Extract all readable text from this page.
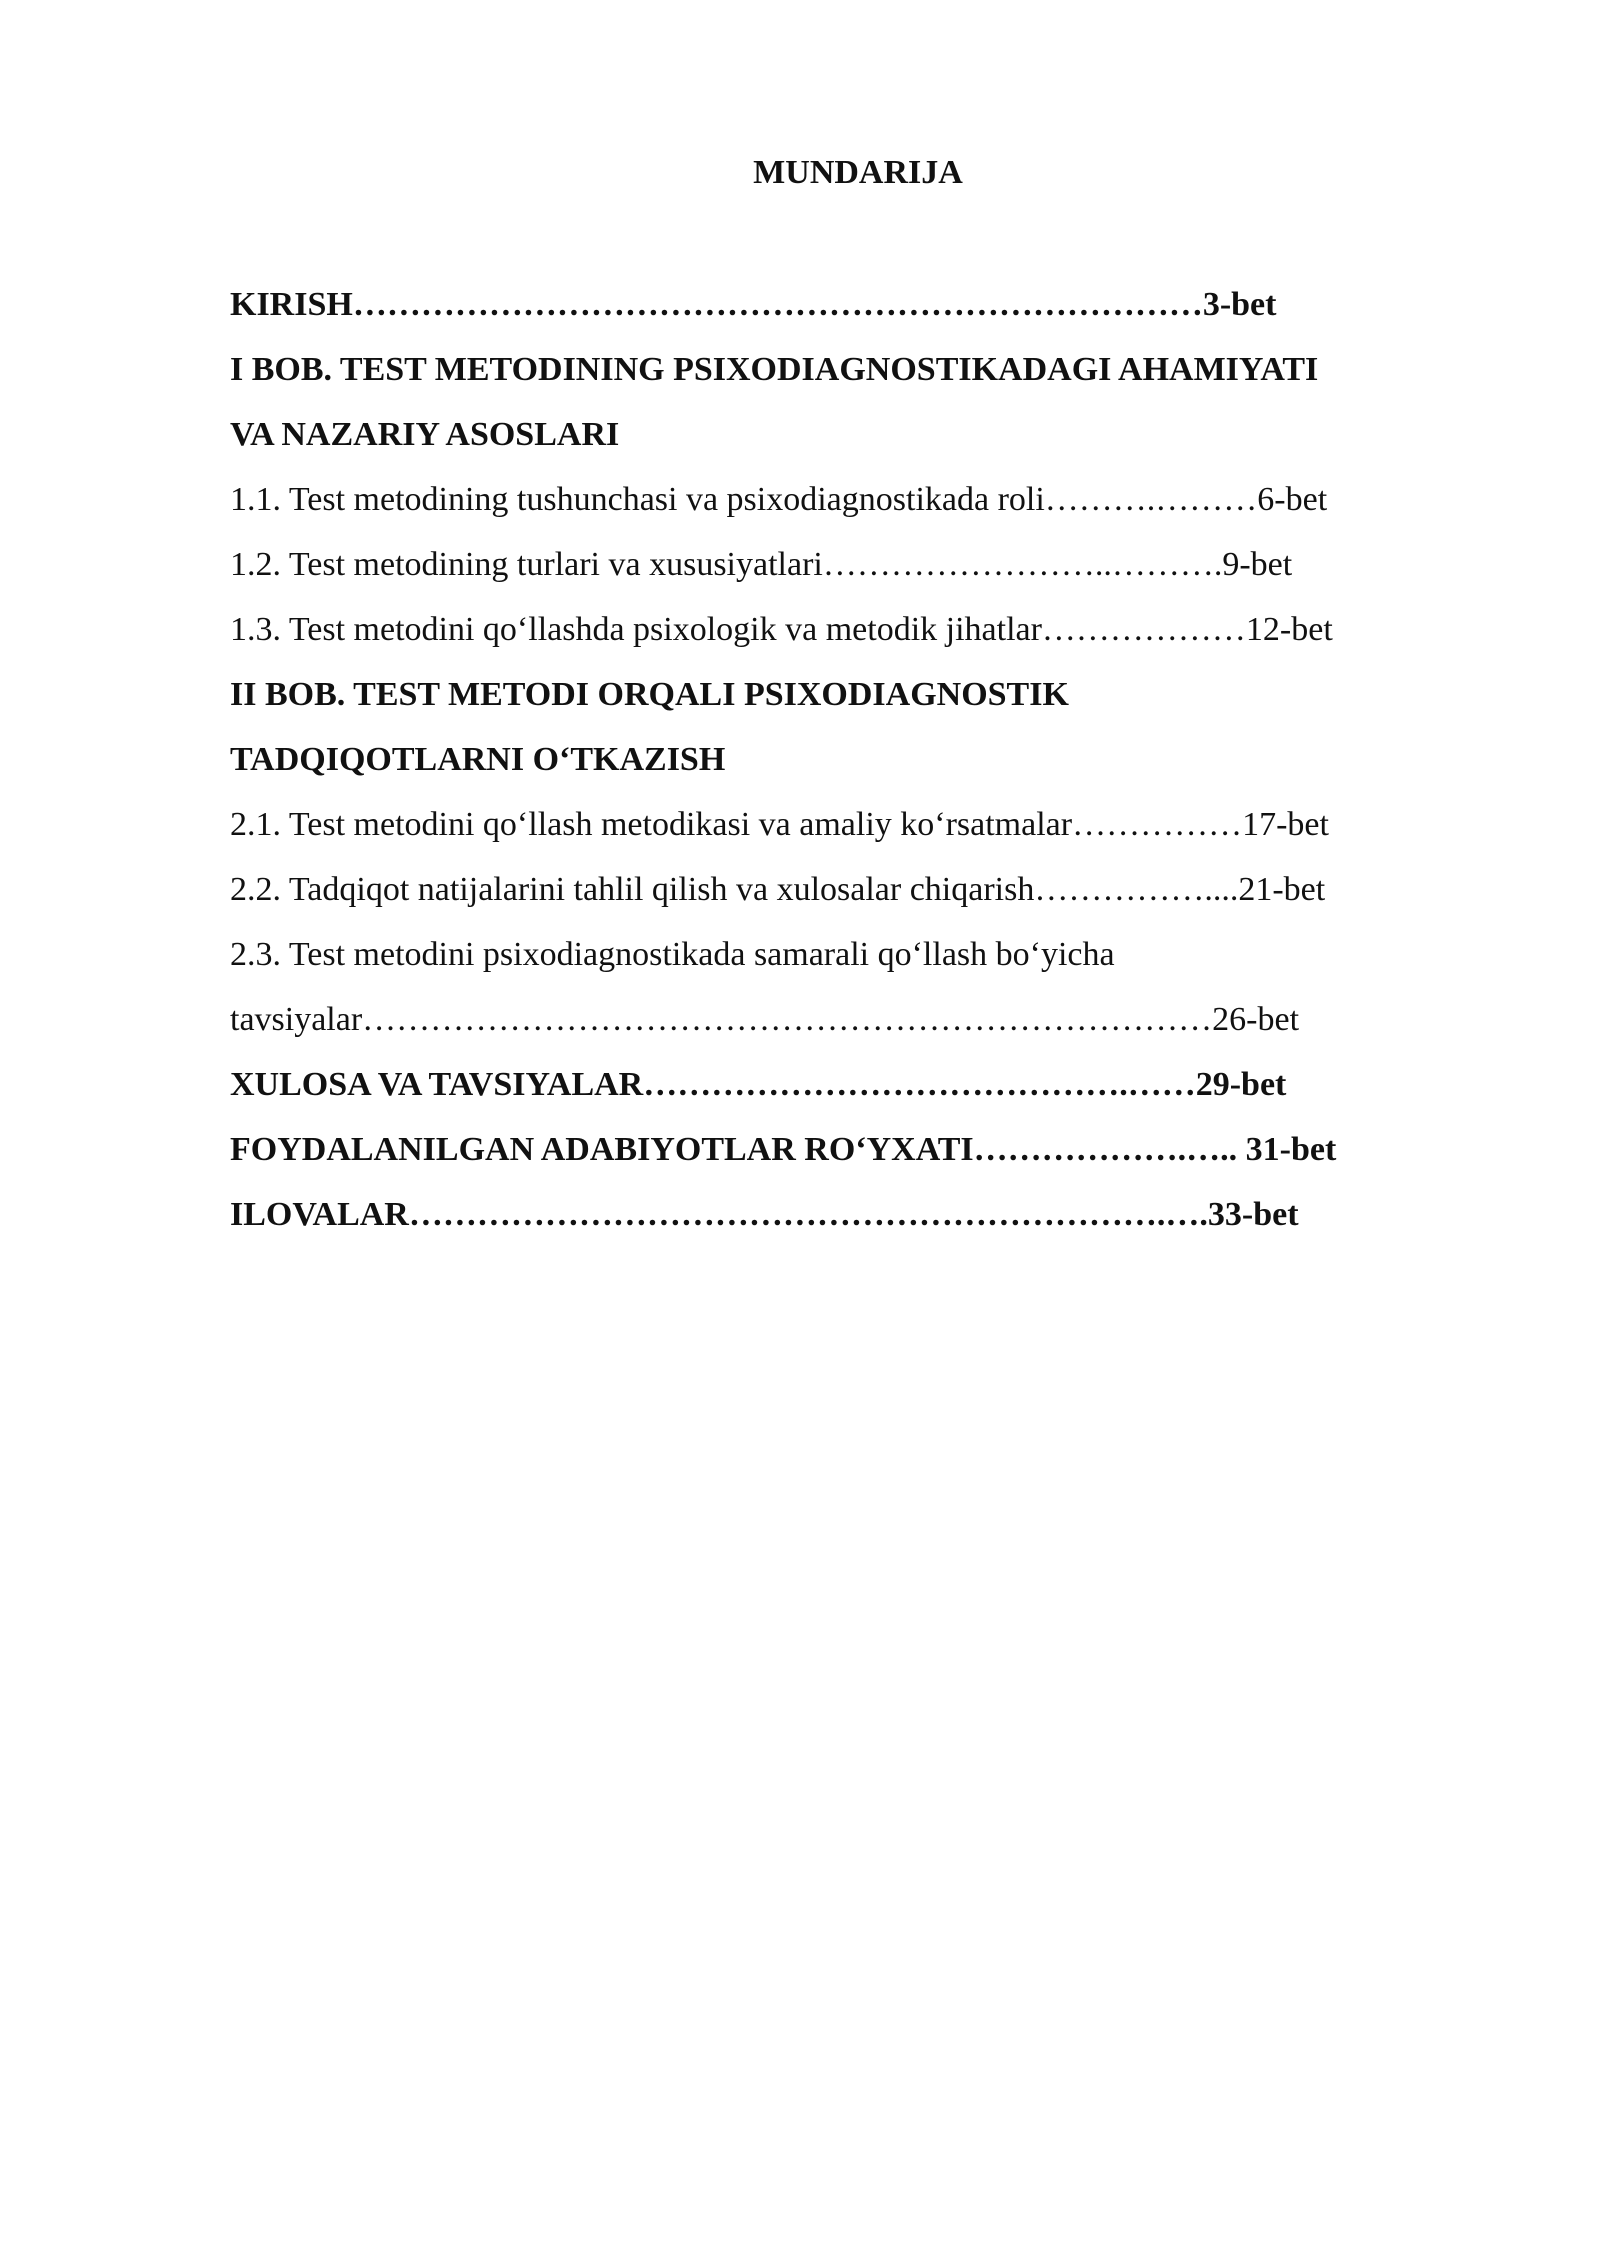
MUNDARIJA
KIRISH…………………………………………………………………3-bet
I BOB. TEST METODINING PSIXODIAGNOSTIKADAGI AHAMIYATI
VA NAZARIY ASOSLARI
1.1. Test metodining tushunchasi va psixodiagnostikada roli……….………6-bet
1.2. Test metodining turlari va xususiyatlari……………………..……….9-bet
1.3. Test metodini qo‘llashda psixologik va metodik jihatlar………………12-bet
II BOB. TEST METODI ORQALI PSIXODIAGNOSTIK
TADQIQOTLARNI O‘TKAZISH
2.1. Test metodini qo‘llash metodikasi va amaliy ko‘rsatmalar……………17-bet
2.2. Tadqiqot natijalarini tahlil qilish va xulosalar chiqarish……………....21-bet
2.3. Test metodini psixodiagnostikada samarali qo‘llash bo‘yicha
tavsiyalar…………………………………………………………………26-bet
XULOSA VA TAVSIYALAR…………………………………….……29-bet
FOYDALANILGAN ADABIYOTLAR RO‘YXATI……………….….. 31-bet
ILOVALAR………………………………………………………….….33-bet
